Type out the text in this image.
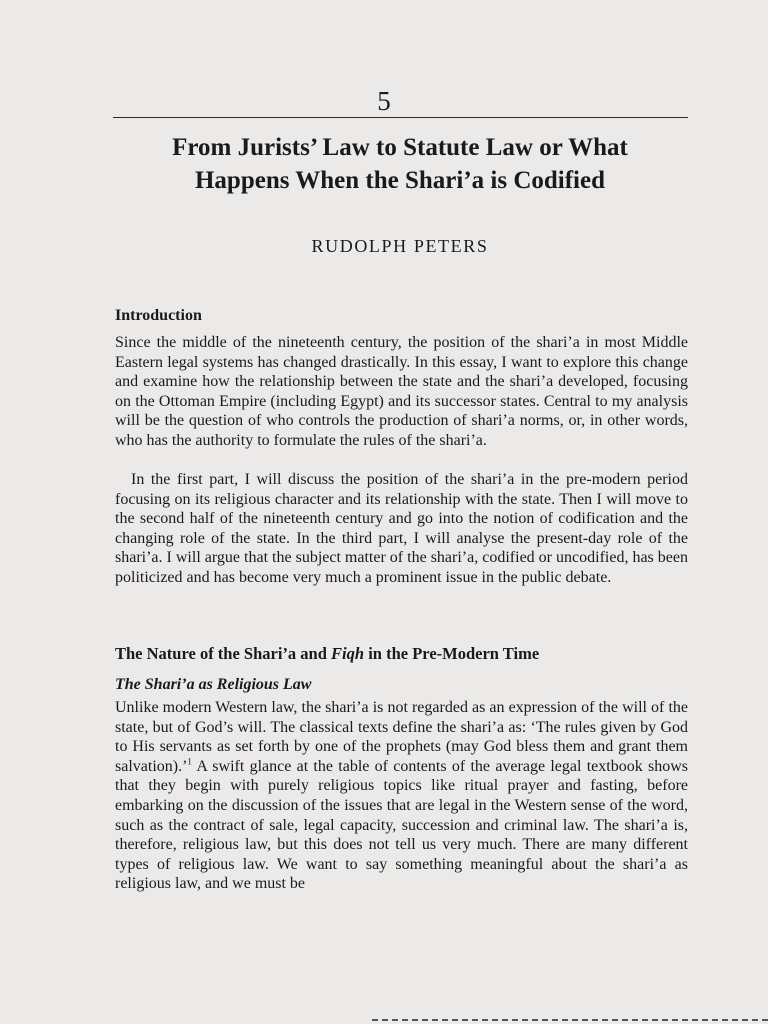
5
From Jurists’ Law to Statute Law or What
Happens When the Shari’a is Codified
RUDOLPH PETERS
Introduction

Since the middle of the nineteenth century, the position of the shari’a in most Middle Eastern legal systems has changed drastically. In this essay, I want to explore this change and examine how the relationship between the state and the shari’a developed, focusing on the Ottoman Empire (including Egypt) and its successor states. Central to my analysis will be the question of who controls the production of shari’a norms, or, in other words, who has the authority to formulate the rules of the shari’a.

In the first part, I will discuss the position of the shari’a in the pre-modern period focusing on its religious character and its relationship with the state. Then I will move to the second half of the nineteenth century and go into the notion of codification and the changing role of the state. In the third part, I will analyse the present-day role of the shari’a. I will argue that the subject matter of the shari’a, codified or uncodified, has been politicized and has become very much a prominent issue in the public debate.

The Nature of the Shari’a and Fiqh in the Pre-Modern Time
The Shari’a as Religious Law

Unlike modern Western law, the shari’a is not regarded as an expression of the will of the state, but of God’s will. The classical texts define the shari’a as: ‘The rules given by God to His servants as set forth by one of the prophets (may God bless them and grant them salvation).’$^1$ A swift glance at the table of contents of the average legal textbook shows that they begin with purely religious topics like ritual prayer and fasting, before embarking on the discussion of the issues that are legal in the Western sense of the word, such as the contract of sale, legal capacity, succession and criminal law. The shari’a is, therefore, religious law, but this does not tell us very much. There are many different types of religious law. We want to say something meaningful about the shari’a as religious law, and we must be
